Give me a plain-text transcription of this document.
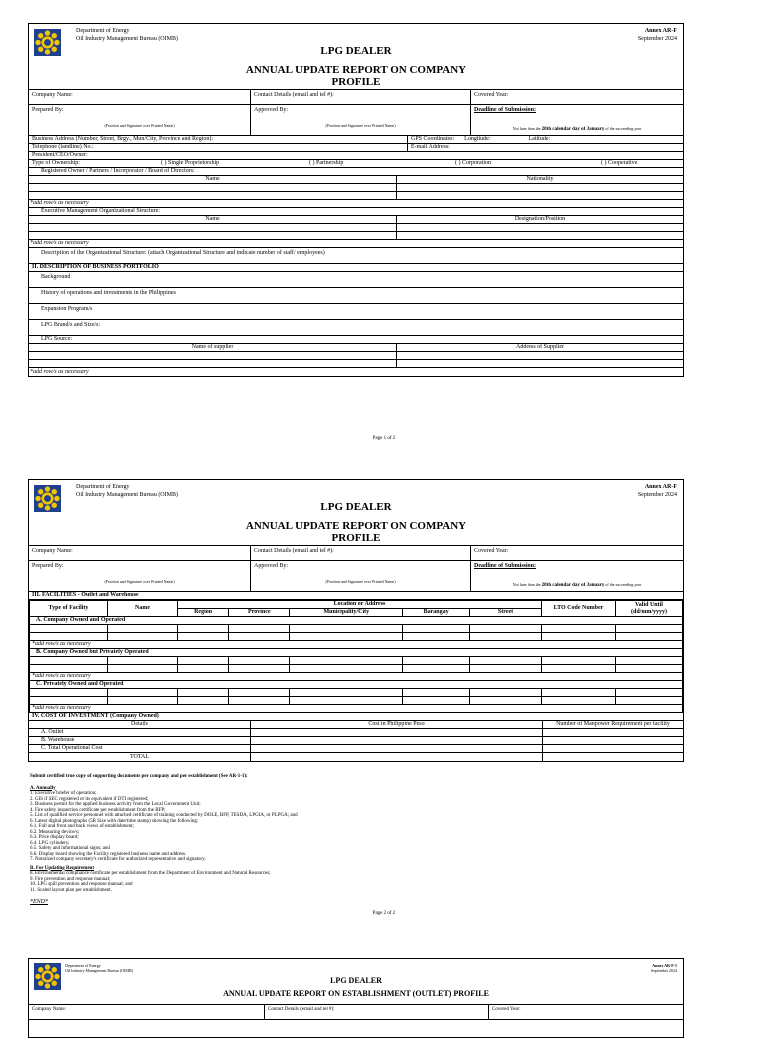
Department of Energy
Oil Industry Management Bureau (OIMB)
Annex AR-F
September 2024
LPG DEALER
ANNUAL UPDATE REPORT ON COMPANY PROFILE
Company Name:	Contact Details (email and tel #):	Covered Year:
Prepared By:
(Position and Signature over Printed Name)
Approved By:
(Position and Signature over Printed Name)
Deadline of Submission:
Not later than the 20th calendar day of January of the succeeding year
Business Address (Number, Street, Brgy., Mun/City, Province and Region):	GPS Coordinates: Longitude:	Latitude:
Telephone (landline) No.:	E-mail Address:
President/CEO/Owner:
Type of Ownership:	( ) Single Proprietorship	( ) Partnership	( ) Corporation	( ) Cooperative
Registered Owner / Partners / Incorporator / Board of Directors:
Name	Nationality
*add row/s as necessary
Executive Management Organizational Structure:
Name	Designation/Position
*add row/s as necessary
Description of the Organizational Structure: (attach Organizational Structure and indicate number of staff/ employees)
II. DESCRIPTION OF BUSINESS PORTFOLIO
Background
History of operations and investments in the Philippines
Expansion Program/s
LPG Brand/s and Size/s:
LPG Source:
Name of supplier	Address of Supplier
*add row/s as necessary
Page 1 of 2
Department of Energy
Oil Industry Management Bureau (OIMB)
Annex AR-F
September 2024
LPG DEALER
ANNUAL UPDATE REPORT ON COMPANY PROFILE
Company Name:	Contact Details (email and tel #):	Covered Year:
Prepared By:
(Position and Signature over Printed Name)
Approved By:
(Position and Signature over Printed Name)
Deadline of Submission:
Not later than the 20th calendar day of January of the succeeding year
III. FACILITIES - Outlet and Warehouse
Type of Facility	Name	Location or Address					LTO Code Number	Valid Until (dd/mm/yyyy)
		Region	Province	Municipality/City	Barangay	Street		
A. Company Owned and Operated								

*add row/s as necessary								
B. Company Owned but Privately Operated								

*add row/s as necessary								
C. Privately Owned and Operated								

*add row/s as necessary								
IV. COST OF INVESTMENT (Company Owned)
Details	Cost in Philippine Peso	Number of Manpower Requirement per facility
A. Outlet
B. Warehouse
C. Total Operational Cost
TOTAL

Submit certified true copy of supporting documents per company and per establishment (See AR-1-1):

A. Annually

1. Executive briefer of operation;

2. GIS if SEC registered or its equivalent if DTI registered;

3. Business permit for the applied business activity from the Local Government Unit;

4. Fire safety inspection certificate per establishment from the BFP;

5. List of qualified service personnel with attached certificate of training conducted by DOLE, BFP, TESDA, LPGIA, or PLPGA; and

6. Latest digital photographs (5R Size with date/time stamp) showing the following:

6.1. Full and front and back views of establishment;

6.2. Measuring device/s;

6.3. Price display board;

6.4. LPG cylinders;

6.5. Safety and informational signs; and

6.6. Display board showing the Facility registered business name and address.

7. Notarized company secretary's certificate for authorized representative and signatory.

B. For Updating Requirement

8. Environmental compliance certificate per establishment from the Department of Environment and Natural Resources;

9. Fire prevention and response manual;

10. LPG spill prevention and response manual; and

11. Scaled layout plan per establishment.

*END*

Page 2 of 2
Department of Energy
Oil Industry Management Bureau (OIMB)
Annex AR-F-1
September 2024
LPG DEALER
ANNUAL UPDATE REPORT ON ESTABLISHMENT (OUTLET) PROFILE
Company Name:	Contact Details (email and tel #):	Covered Year:
